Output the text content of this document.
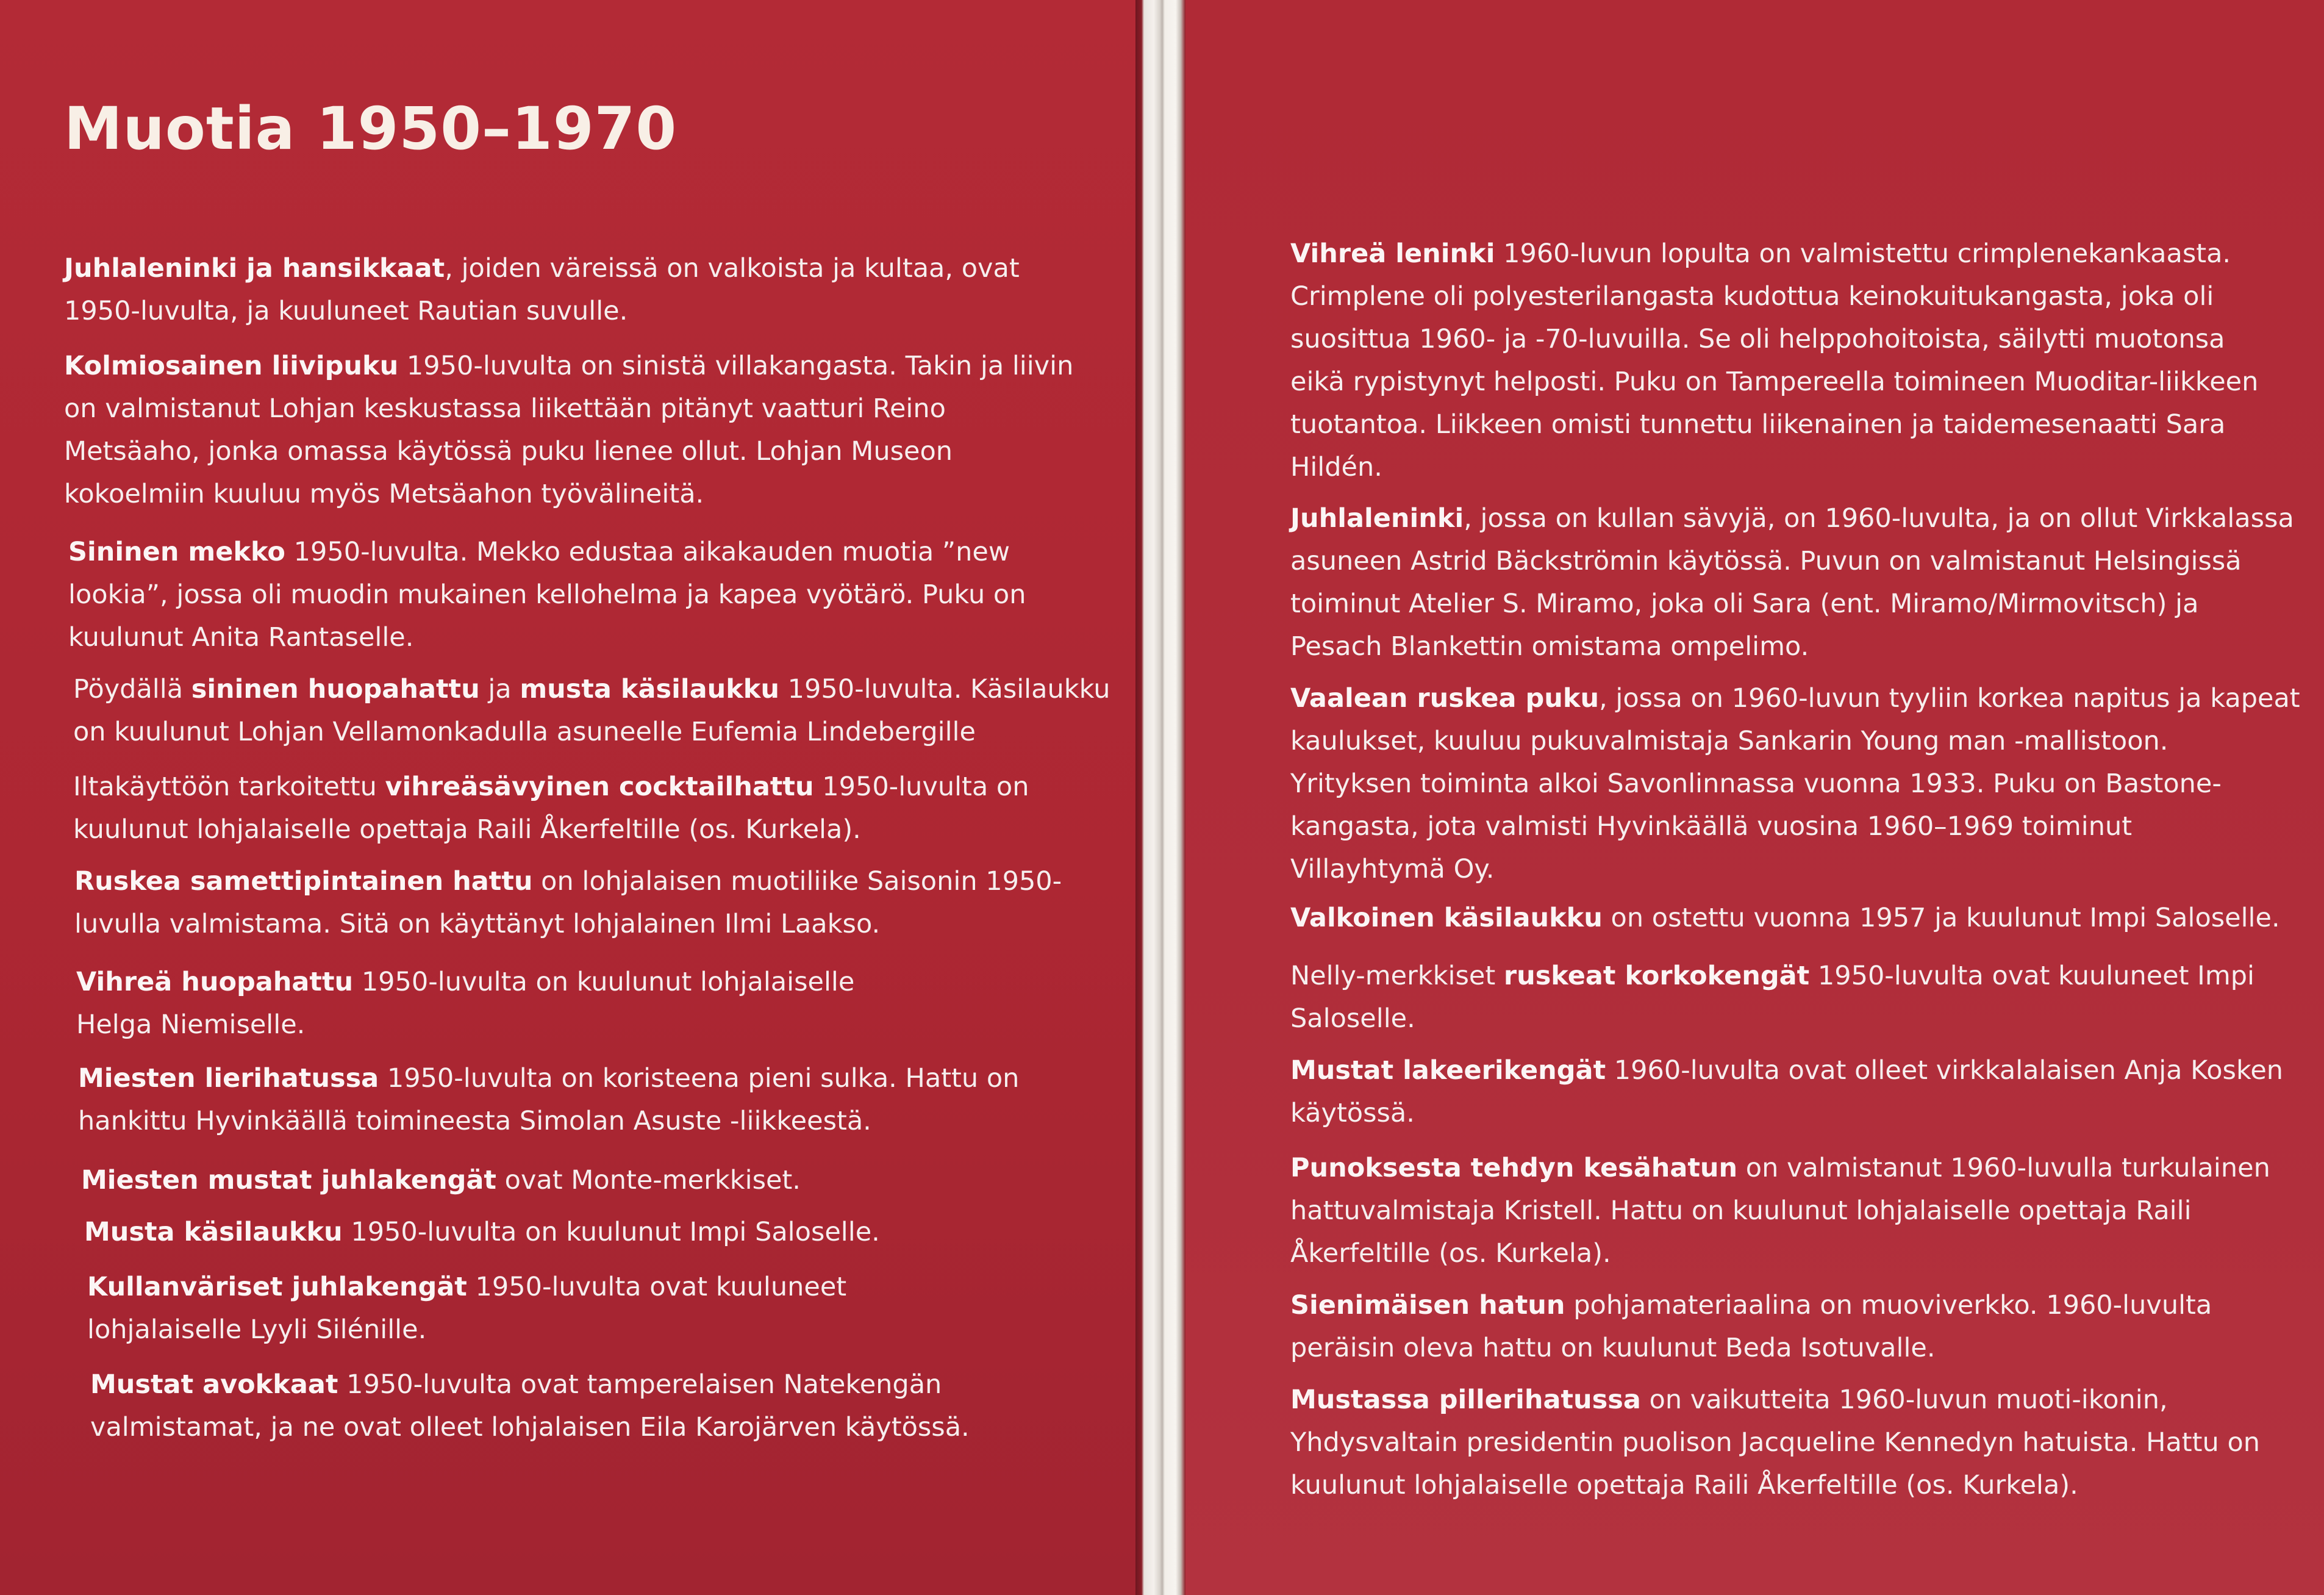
Muotia 1950–1970

Juhlaleninki ja hansikkaat, joiden väreissä on valkoista ja kultaa, ovat
1950-luvulta, ja kuuluneet Rautian suvulle.

Kolmiosainen liivipuku 1950-luvulta on sinistä villakangasta. Takin ja liivin
on valmistanut Lohjan keskustassa liikettään pitänyt vaatturi Reino
Metsäaho, jonka omassa käytössä puku lienee ollut. Lohjan Museon
kokoelmiin kuuluu myös Metsäahon työvälineitä.

Sininen mekko 1950-luvulta. Mekko edustaa aikakauden muotia ”new
lookia”, jossa oli muodin mukainen kellohelma ja kapea vyötärö. Puku on
kuulunut Anita Rantaselle.

Pöydällä sininen huopahattu ja musta käsilaukku 1950-luvulta. Käsilaukku
on kuulunut Lohjan Vellamonkadulla asuneelle Eufemia Lindebergille

Iltakäyttöön tarkoitettu vihreäsävyinen cocktailhattu 1950-luvulta on
kuulunut lohjalaiselle opettaja Raili Åkerfeltille (os. Kurkela).

Ruskea samettipintainen hattu on lohjalaisen muotiliike Saisonin 1950-
luvulla valmistama. Sitä on käyttänyt lohjalainen Ilmi Laakso.

Vihreä huopahattu 1950-luvulta on kuulunut lohjalaiselle
Helga Niemiselle.

Miesten lierihatussa 1950-luvulta on koristeena pieni sulka. Hattu on
hankittu Hyvinkäällä toimineesta Simolan Asuste -liikkeestä.

Miesten mustat juhlakengät ovat Monte-merkkiset.

Musta käsilaukku 1950-luvulta on kuulunut Impi Saloselle.

Kullanväriset juhlakengät 1950-luvulta ovat kuuluneet
lohjalaiselle Lyyli Silénille.

Mustat avokkaat 1950-luvulta ovat tamperelaisen Natekengän
valmistamat, ja ne ovat olleet lohjalaisen Eila Karojärven käytössä.

Vihreä leninki 1960-luvun lopulta on valmistettu crimplenekankaasta.
Crimplene oli polyesterilangasta kudottua keinokuitukangasta, joka oli
suosittua 1960- ja -70-luvuilla. Se oli helppohoitoista, säilytti muotonsa
eikä rypistynyt helposti. Puku on Tampereella toimineen Muoditar-liikkeen
tuotantoa. Liikkeen omisti tunnettu liikenainen ja taidemesenaatti Sara
Hildén.

Juhlaleninki, jossa on kullan sävyjä, on 1960-luvulta, ja on ollut Virkkalassa
asuneen Astrid Bäckströmin käytössä. Puvun on valmistanut Helsingissä
toiminut Atelier S. Miramo, joka oli Sara (ent. Miramo/Mirmovitsch) ja
Pesach Blankettin omistama ompelimo.

Vaalean ruskea puku, jossa on 1960-luvun tyyliin korkea napitus ja kapeat
kaulukset, kuuluu pukuvalmistaja Sankarin Young man -mallistoon.
Yrityksen toiminta alkoi Savonlinnassa vuonna 1933. Puku on Bastone-
kangasta, jota valmisti Hyvinkäällä vuosina 1960–1969 toiminut
Villayhtymä Oy.

Valkoinen käsilaukku on ostettu vuonna 1957 ja kuulunut Impi Saloselle.

Nelly-merkkiset ruskeat korkokengät 1950-luvulta ovat kuuluneet Impi
Saloselle.

Mustat lakeerikengät 1960-luvulta ovat olleet virkkalalaisen Anja Kosken
käytössä.

Punoksesta tehdyn kesähatun on valmistanut 1960-luvulla turkulainen
hattuvalmistaja Kristell. Hattu on kuulunut lohjalaiselle opettaja Raili
Åkerfeltille (os. Kurkela).

Sienimäisen hatun pohjamateriaalina on muoviverkko. 1960-luvulta
peräisin oleva hattu on kuulunut Beda Isotuvalle.

Mustassa pillerihatussa on vaikutteita 1960-luvun muoti-ikonin,
Yhdysvaltain presidentin puolison Jacqueline Kennedyn hatuista. Hattu on
kuulunut lohjalaiselle opettaja Raili Åkerfeltille (os. Kurkela).
